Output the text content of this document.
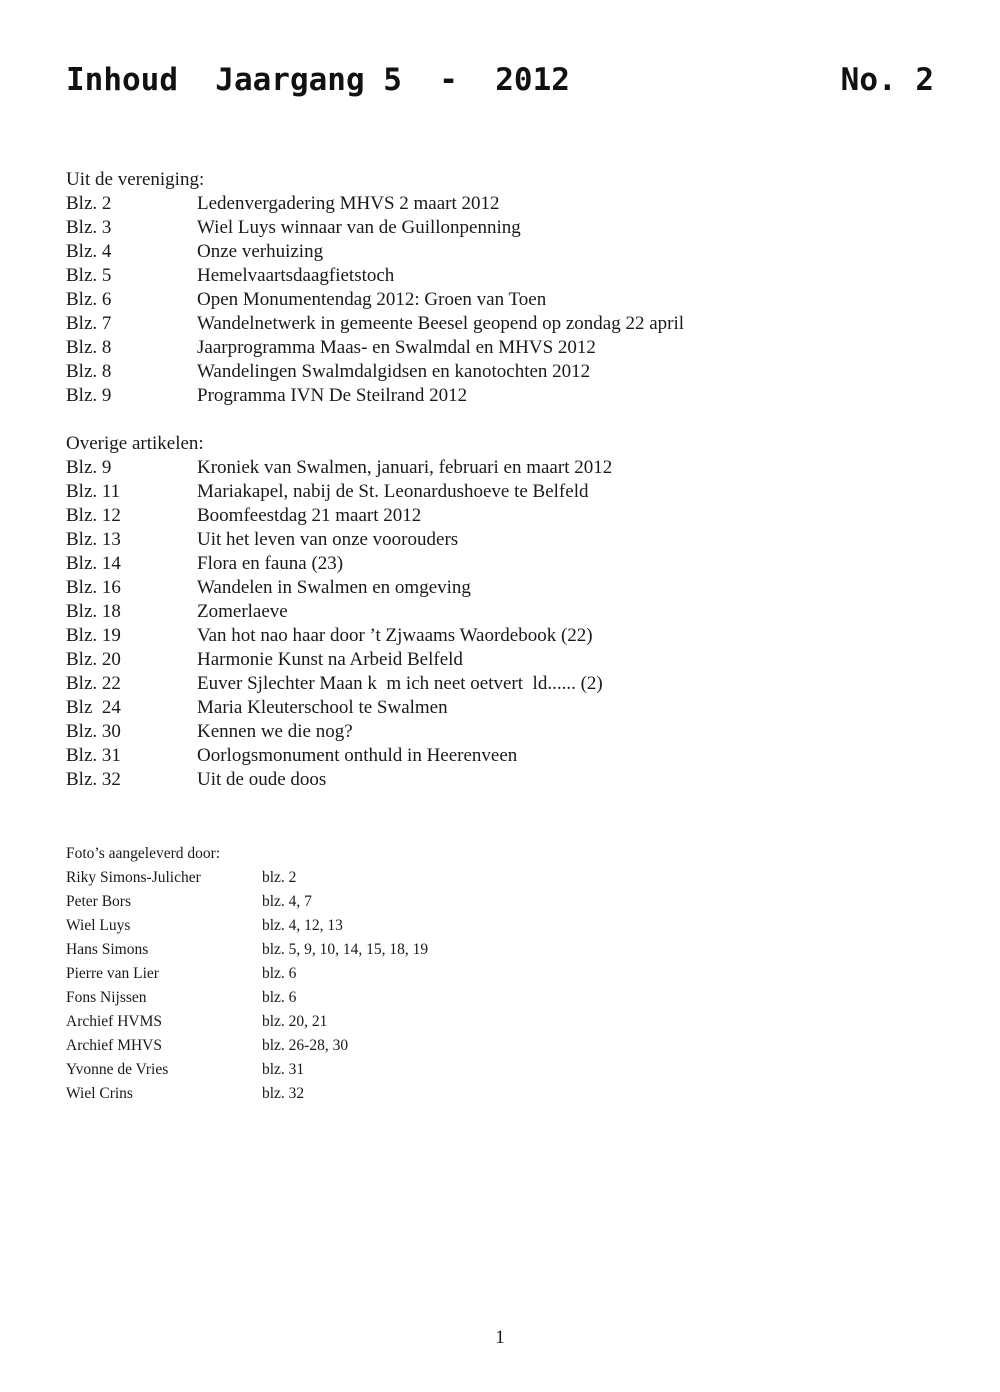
Inhoud  Jaargang 5  -  2012	No. 2
Uit de vereniging:
Blz. 2	Ledenvergadering MHVS 2 maart 2012
Blz. 3	Wiel Luys winnaar van de Guillonpenning
Blz. 4	Onze verhuizing
Blz. 5	Hemelvaartsdaagfietstoch
Blz. 6	Open Monumentendag 2012: Groen van Toen
Blz. 7	Wandelnetwerk in gemeente Beesel geopend op zondag 22 april
Blz. 8	Jaarprogramma Maas- en Swalmdal en MHVS 2012
Blz. 8	Wandelingen Swalmdalgidsen en kanotochten 2012
Blz. 9	Programma IVN De Steilrand 2012
Overige artikelen:
Blz. 9	Kroniek van Swalmen, januari, februari en maart 2012
Blz. 11	Mariakapel, nabij de St. Leonardushoeve te Belfeld
Blz. 12	Boomfeestdag 21 maart 2012
Blz. 13	Uit het leven van onze voorouders
Blz. 14	Flora en fauna (23)
Blz. 16	Wandelen in Swalmen en omgeving
Blz. 18	Zomerlaeve
Blz. 19	Van hot nao haar door ’t Zjwaams Waordebook (22)
Blz. 20	Harmonie Kunst na Arbeid Belfeld
Blz. 22	Euver Sjlechter Maan k  m ich neet oetvert  ld...... (2)
Blz  24	Maria Kleuterschool te Swalmen
Blz. 30	Kennen we die nog?
Blz. 31	Oorlogsmonument onthuld in Heerenveen
Blz. 32	Uit de oude doos
Foto’s aangeleverd door:
Riky Simons-Julicher	blz. 2
Peter Bors	blz. 4, 7
Wiel Luys	blz. 4, 12, 13
Hans Simons	blz. 5, 9, 10, 14, 15, 18, 19
Pierre van Lier	blz. 6
Fons Nijssen	blz. 6
Archief HVMS	blz. 20, 21
Archief MHVS	blz. 26-28, 30
Yvonne de Vries	blz. 31
Wiel Crins	blz. 32
1
